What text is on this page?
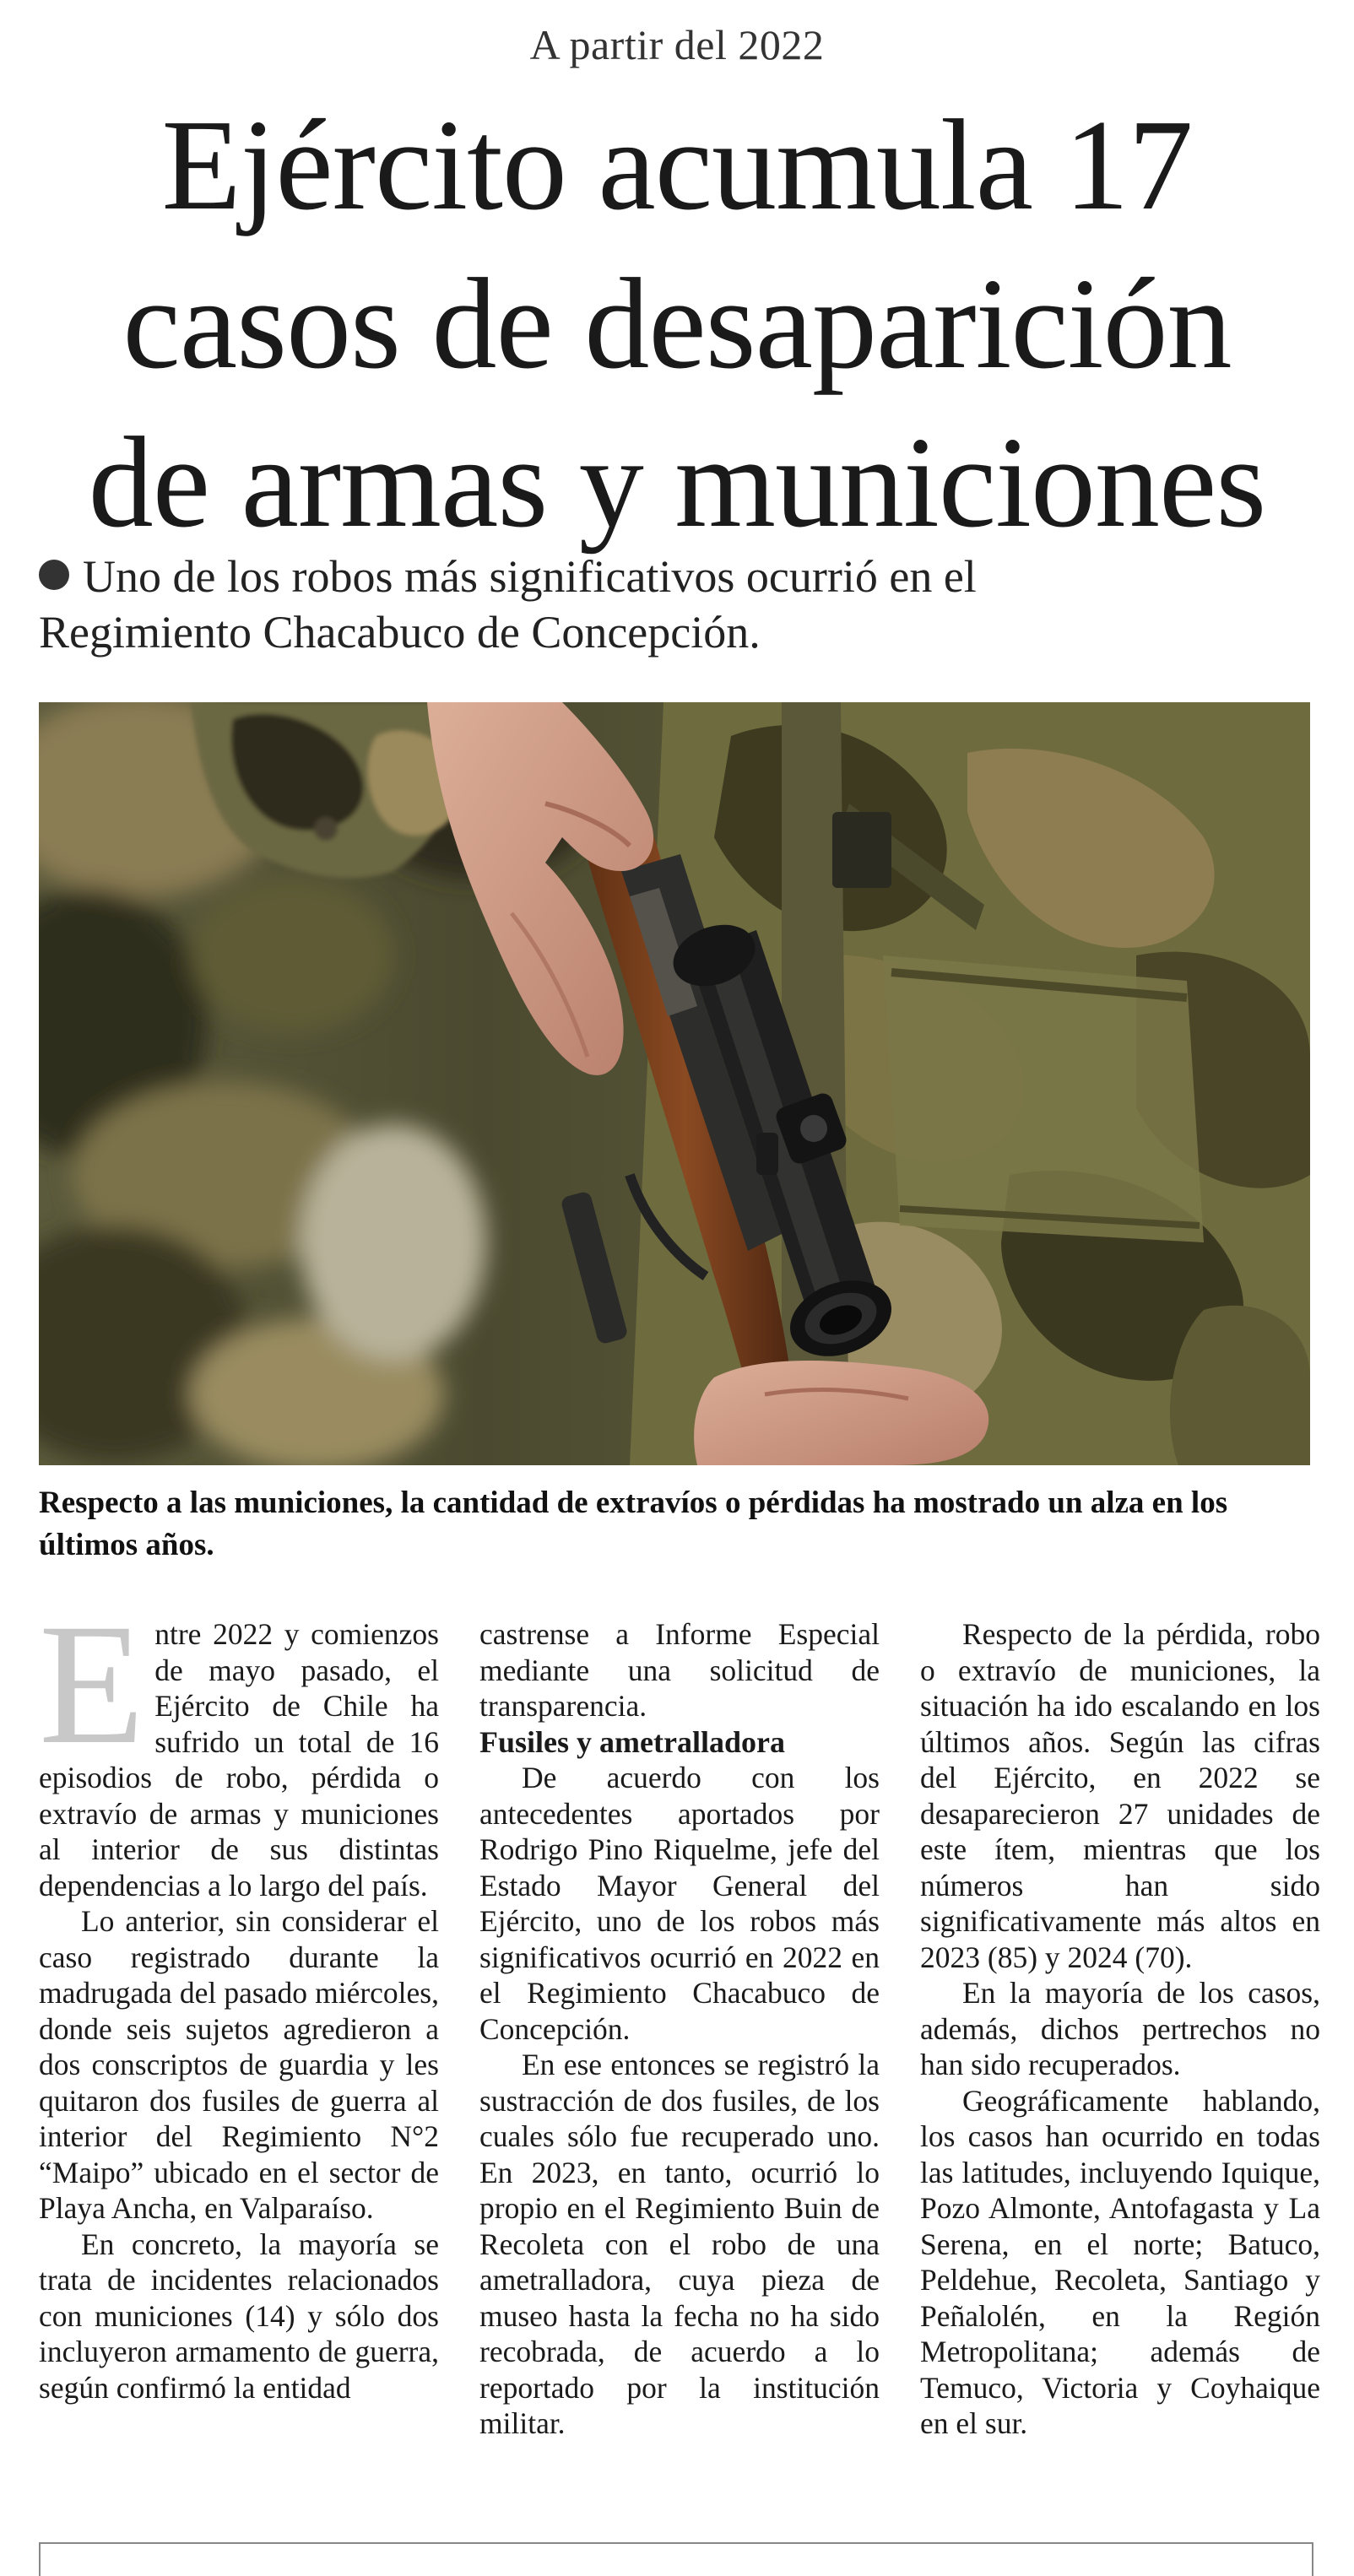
A partir del 2022
Ejército acumula 17
casos de desaparición
de armas y municiones
Uno de los robos más significativos ocurrió en el
Regimiento Chacabuco de Concepción.
Respecto a las municiones, la cantidad de extravíos o pérdidas ha mostrado un alza en los últimos años.

Entre 2022 y comienzos de mayo pasado, el Ejército de Chile ha sufrido un total de 16 episodios de robo, pérdida o extravío de armas y municiones al interior de sus distintas dependencias a lo largo del país.

Lo anterior, sin considerar el caso registrado durante la madrugada del pasado miércoles, donde seis sujetos agredieron a dos conscriptos de guardia y les quitaron dos fusiles de guerra al interior del Regimiento N°2 “Maipo” ubicado en el sector de Playa Ancha, en Valparaíso.

En concreto, la mayoría se trata de incidentes relacionados con municiones (14) y sólo dos incluyeron armamento de guerra, según confirmó la entidad

castrense a Informe Especial mediante una solicitud de transparencia.

Fusiles y ametralladora

De acuerdo con los antecedentes aportados por Rodrigo Pino Riquelme, jefe del Estado Mayor General del Ejército, uno de los robos más significativos ocurrió en 2022 en el Regimiento Chacabuco de Concepción.

En ese entonces se registró la sustracción de dos fusiles, de los cuales sólo fue recuperado uno. En 2023, en tanto, ocurrió lo propio en el Regimiento Buin de Recoleta con el robo de una ametralladora, cuya pieza de museo hasta la fecha no ha sido recobrada, de acuerdo a lo reportado por la institución militar.

Respecto de la pérdida, robo o extravío de municiones, la situación ha ido escalando en los últimos años. Según las cifras del Ejército, en 2022 se desaparecieron 27 unidades de este ítem, mientras que los números han sido significativamente más altos en 2023 (85) y 2024 (70).

En la mayoría de los casos, además, dichos pertrechos no han sido recuperados.

Geográficamente hablando, los casos han ocurrido en todas las latitudes, incluyendo Iquique, Pozo Almonte, Antofagasta y La Serena, en el norte; Batuco, Peldehue, Recoleta, Santiago y Peñalolén, en la Región Metropolitana; además de Temuco, Victoria y Coyhaique en el sur.
